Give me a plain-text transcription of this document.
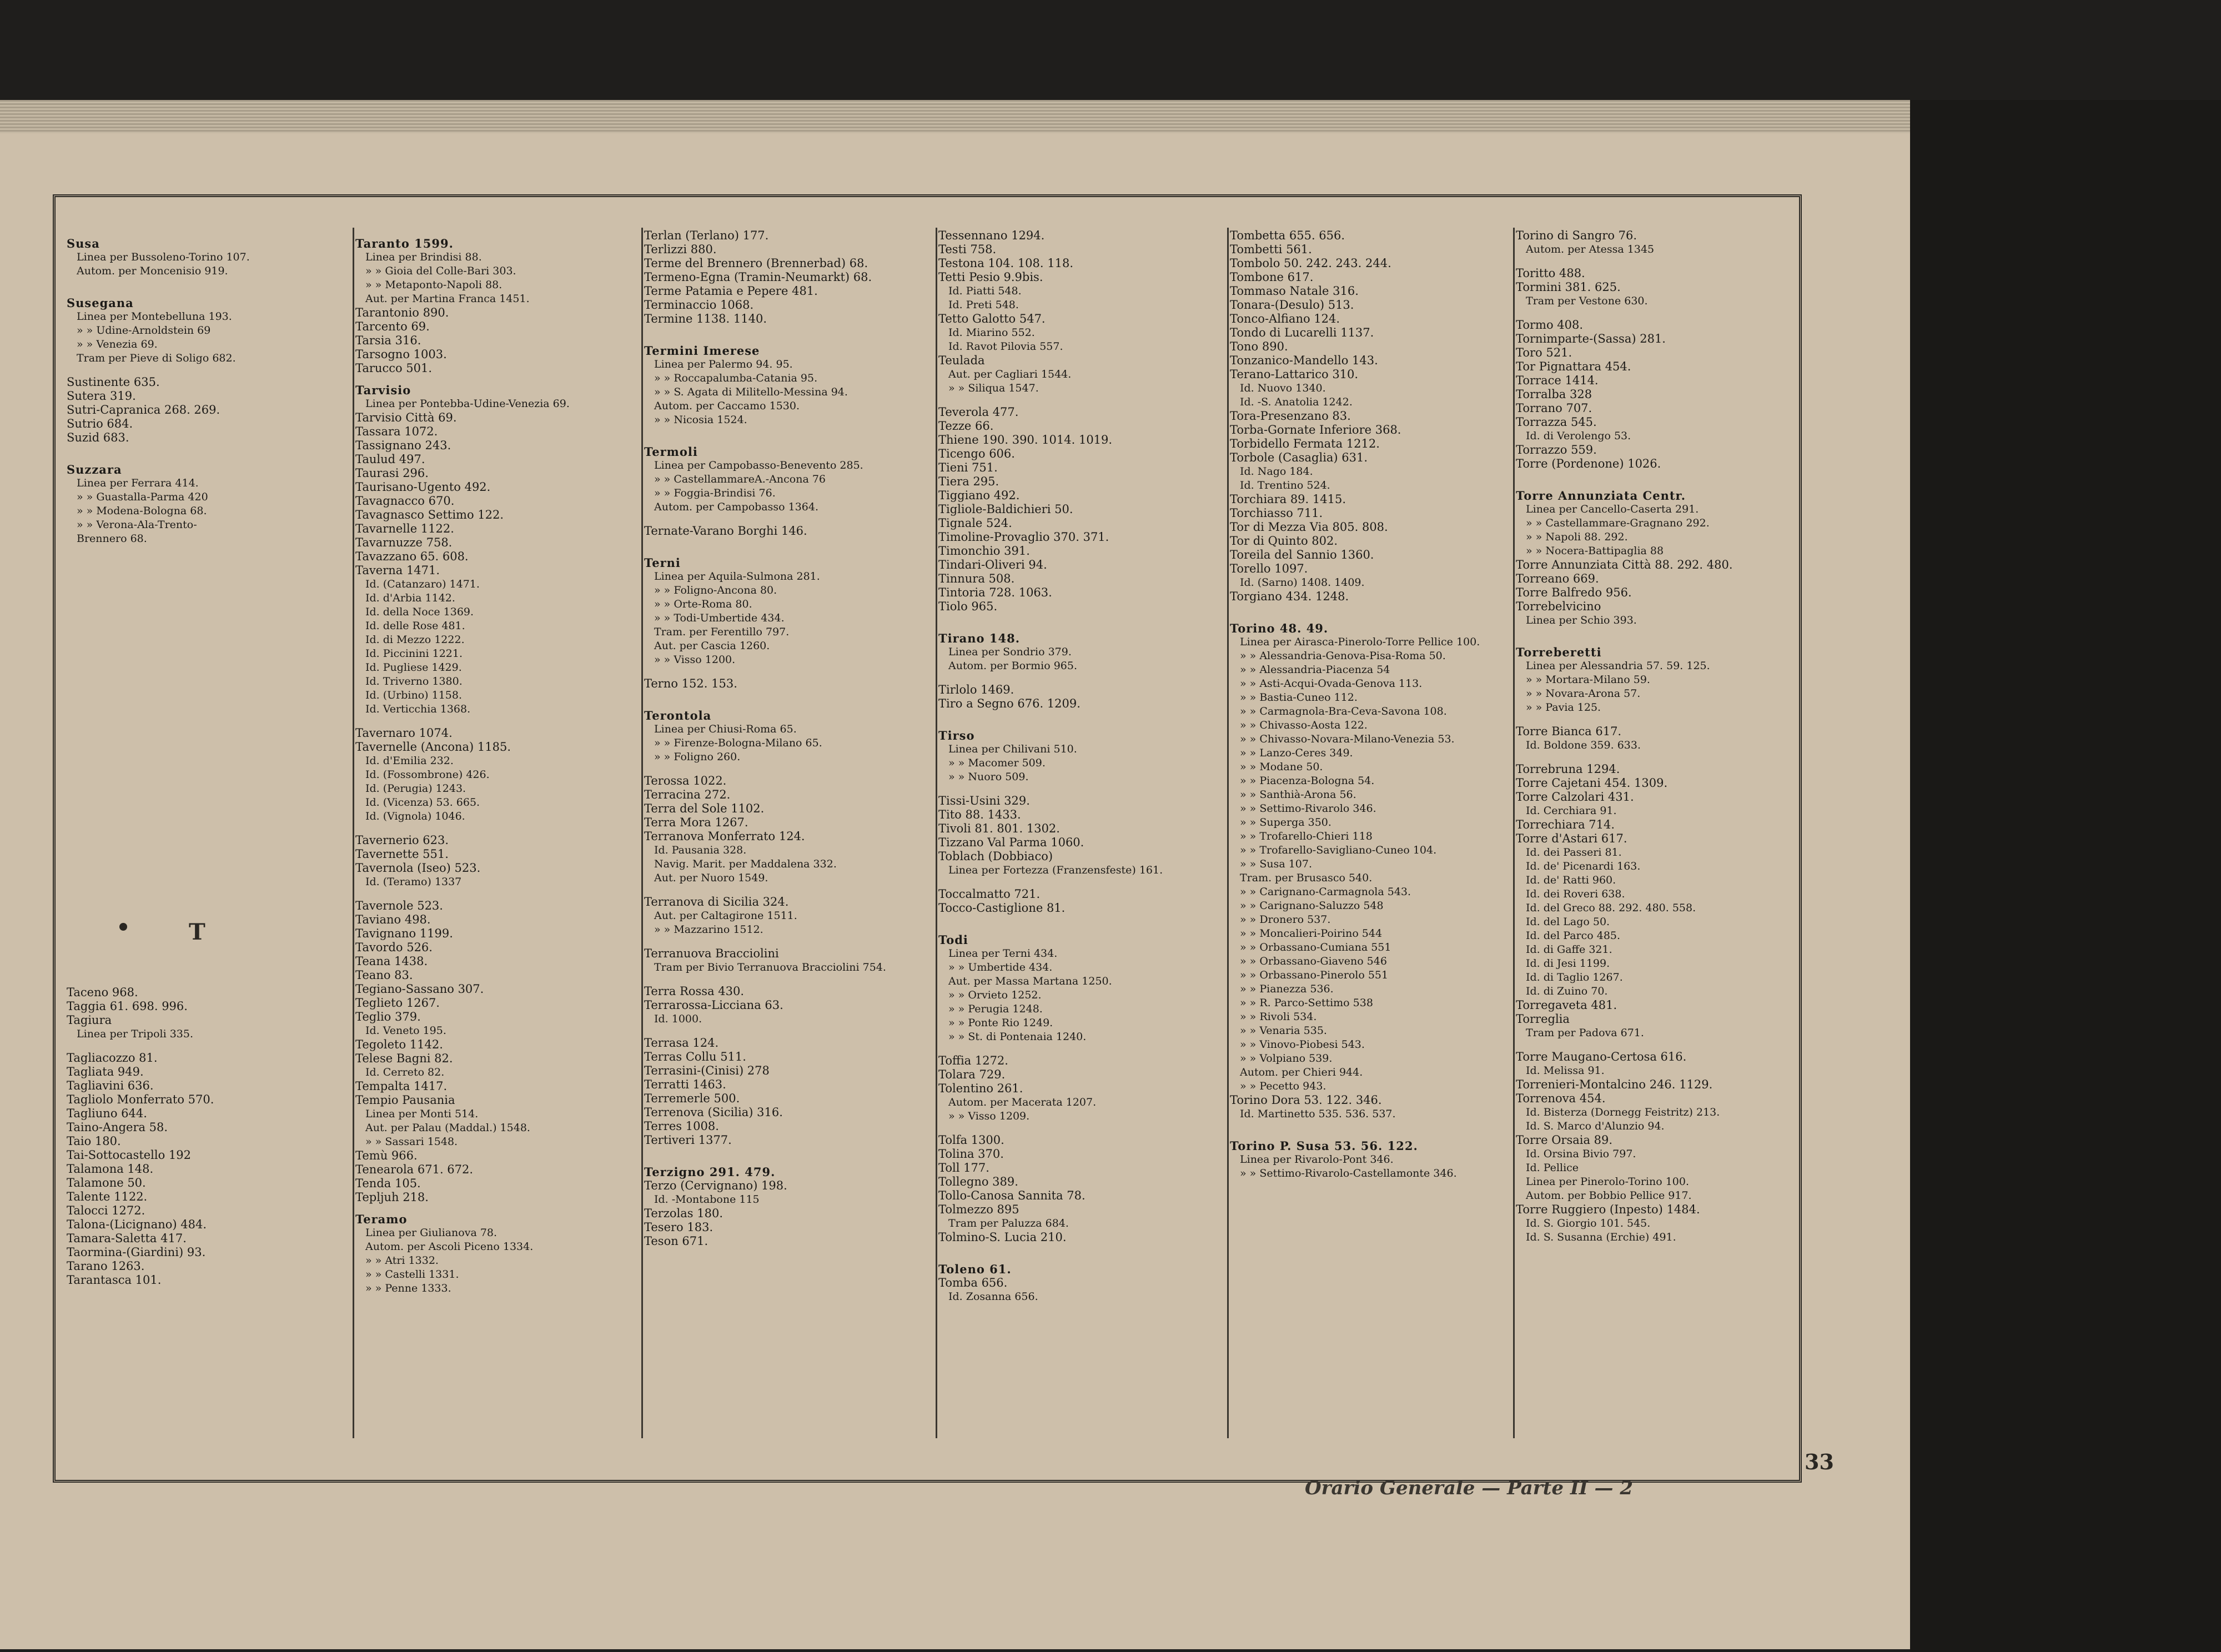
Susa
Linea per Bussoleno-Torino 107.
Autom. per Moncenisio 919.
Susegana
Linea per Montebelluna 193.
» » Udine-Arnoldstein 69
» » Venezia 69.
Tram per Pieve di Soligo 682.
Sustinente 635.
Sutera 319.
Sutri-Capranica 268. 269.
Sutrio 684.
Suzid 683.
Suzzara
Linea per Ferrara 414.
» » Guastalla-Parma 420
» » Modena-Bologna 68.
» » Verona-Ala-Trento-
Brennero 68.
Taceno 968.
Taggia 61. 698. 996.
Tagiura
Linea per Tripoli 335.
Tagliacozzo 81.
Tagliata 949.
Tagliavini 636.
Tagliolo Monferrato 570.
Tagliuno 644.
Taino-Angera 58.
Taio 180.
Tai-Sottocastello 192
Talamona 148.
Talamone 50.
Talente 1122.
Talocci 1272.
Talona-(Licignano) 484.
Tamara-Saletta 417.
Taormina-(Giardini) 93.
Tarano 1263.
Tarantasca 101.
Taranto 1599.
Linea per Brindisi 88.
» » Gioia del Colle-Bari 303.
» » Metaponto-Napoli 88.
Aut. per Martina Franca 1451.
Tarantonio 890.
Tarcento 69.
Tarsia 316.
Tarsogno 1003.
Tarucco 501.
Tarvisio
Linea per Pontebba-Udine-Venezia 69.
Tarvisio Città 69.
Tassara 1072.
Tassignano 243.
Taulud 497.
Taurasi 296.
Taurisano-Ugento 492.
Tavagnacco 670.
Tavagnasco Settimo 122.
Tavarnelle 1122.
Tavarnuzze 758.
Tavazzano 65. 608.
Taverna 1471.
Id. (Catanzaro) 1471.
Id. d'Arbia 1142.
Id. della Noce 1369.
Id. delle Rose 481.
Id. di Mezzo 1222.
Id. Piccinini 1221.
Id. Pugliese 1429.
Id. Triverno 1380.
Id. (Urbino) 1158.
Id. Verticchia 1368.
Tavernaro 1074.
Tavernelle (Ancona) 1185.
Id. d'Emilia 232.
Id. (Fossombrone) 426.
Id. (Perugia) 1243.
Id. (Vicenza) 53. 665.
Id. (Vignola) 1046.
Tavernerio 623.
Tavernette 551.
Tavernola (Iseo) 523.
Id. (Teramo) 1337
Tavernole 523.
Taviano 498.
Tavignano 1199.
Tavordo 526.
Teana 1438.
Teano 83.
Tegiano-Sassano 307.
Teglieto 1267.
Teglio 379.
Id. Veneto 195.
Tegoleto 1142.
Telese Bagni 82.
Id. Cerreto 82.
Tempalta 1417.
Tempio Pausania
Linea per Monti 514.
Aut. per Palau (Maddal.) 1548.
» » Sassari 1548.
Temù 966.
Tenearola 671. 672.
Tenda 105.
Tepljuh 218.
Teramo
Linea per Giulianova 78.
Autom. per Ascoli Piceno 1334.
» » Atri 1332.
» » Castelli 1331.
» » Penne 1333.
Terlan (Terlano) 177.
Terlizzi 880.
Terme del Brennero (Brennerbad) 68.
Termeno-Egna (Tramin-Neumarkt) 68.
Terme Patamia e Pepere 481.
Terminaccio 1068.
Termine 1138. 1140.
Termini Imerese
Linea per Palermo 94. 95.
» » Roccapalumba-Catania 95.
» » S. Agata di Militello-Messina 94.
Autom. per Caccamo 1530.
» » Nicosia 1524.
Termoli
Linea per Campobasso-Benevento 285.
» » CastellammareA.-Ancona 76
» » Foggia-Brindisi 76.
Autom. per Campobasso 1364.
Ternate-Varano Borghi 146.
Terni
Linea per Aquila-Sulmona 281.
» » Foligno-Ancona 80.
» » Orte-Roma 80.
» » Todi-Umbertide 434.
Tram. per Ferentillo 797.
Aut. per Cascia 1260.
» » Visso 1200.
Terno 152. 153.
Terontola
Linea per Chiusi-Roma 65.
» » Firenze-Bologna-Milano 65.
» » Foligno 260.
Terossa 1022.
Terracina 272.
Terra del Sole 1102.
Terra Mora 1267.
Terranova Monferrato 124.
Id. Pausania 328.
Navig. Marit. per Maddalena 332.
Aut. per Nuoro 1549.
Terranova di Sicilia 324.
Aut. per Caltagirone 1511.
» » Mazzarino 1512.
Terranuova Bracciolini
Tram per Bivio Terranuova Bracciolini 754.
Terra Rossa 430.
Terrarossa-Licciana 63.
Id. 1000.
Terrasa 124.
Terras Collu 511.
Terrasini-(Cinisi) 278
Terratti 1463.
Terremerle 500.
Terrenova (Sicilia) 316.
Terres 1008.
Tertiveri 1377.
Terzigno 291. 479.
Terzo (Cervignano) 198.
Id. -Montabone 115
Terzolas 180.
Tesero 183.
Teson 671.
Tessennano 1294.
Testi 758.
Testona 104. 108. 118.
Tetti Pesio 9.9bis.
Id. Piatti 548.
Id. Preti 548.
Tetto Galotto 547.
Id. Miarino 552.
Id. Ravot Pilovia 557.
Teulada
Aut. per Cagliari 1544.
» » Siliqua 1547.
Teverola 477.
Tezze 66.
Thiene 190. 390. 1014. 1019.
Ticengo 606.
Tieni 751.
Tiera 295.
Tiggiano 492.
Tigliole-Baldichieri 50.
Tignale 524.
Timoline-Provaglio 370. 371.
Timonchio 391.
Tindari-Oliveri 94.
Tinnura 508.
Tintoria 728. 1063.
Tiolo 965.
Tirano 148.
Linea per Sondrio 379.
Autom. per Bormio 965.
Tirlolo 1469.
Tiro a Segno 676. 1209.
Tirso
Linea per Chilivani 510.
» » Macomer 509.
» » Nuoro 509.
Tissi-Usini 329.
Tito 88. 1433.
Tivoli 81. 801. 1302.
Tizzano Val Parma 1060.
Toblach (Dobbiaco)
Linea per Fortezza (Franzensfeste) 161.
Toccalmatto 721.
Tocco-Castiglione 81.
Todi
Linea per Terni 434.
» » Umbertide 434.
Aut. per Massa Martana 1250.
» » Orvieto 1252.
» » Perugia 1248.
» » Ponte Rio 1249.
» » St. di Pontenaia 1240.
Toffia 1272.
Tolara 729.
Tolentino 261.
Autom. per Macerata 1207.
» » Visso 1209.
Tolfa 1300.
Tolina 370.
Toll 177.
Tollegno 389.
Tollo-Canosa Sannita 78.
Tolmezzo 895
Tram per Paluzza 684.
Tolmino-S. Lucia 210.
Toleno 61.
Tomba 656.
Id. Zosanna 656.
Tombetta 655. 656.
Tombetti 561.
Tombolo 50. 242. 243. 244.
Tombone 617.
Tommaso Natale 316.
Tonara-(Desulo) 513.
Tonco-Alfiano 124.
Tondo di Lucarelli 1137.
Tono 890.
Tonzanico-Mandello 143.
Terano-Lattarico 310.
Id. Nuovo 1340.
Id. -S. Anatolia 1242.
Tora-Presenzano 83.
Torba-Gornate Inferiore 368.
Torbidello Fermata 1212.
Torbole (Casaglia) 631.
Id. Nago 184.
Id. Trentino 524.
Torchiara 89. 1415.
Torchiasso 711.
Tor di Mezza Via 805. 808.
Tor di Quinto 802.
Toreila del Sannio 1360.
Torello 1097.
Id. (Sarno) 1408. 1409.
Torgiano 434. 1248.
Torino 48. 49.
Linea per Airasca-Pinerolo-Torre Pellice 100.
» » Alessandria-Genova-Pisa-Roma 50.
» » Alessandria-Piacenza 54
» » Asti-Acqui-Ovada-Genova 113.
» » Bastia-Cuneo 112.
» » Carmagnola-Bra-Ceva-Savona 108.
» » Chivasso-Aosta 122.
» » Chivasso-Novara-Milano-Venezia 53.
» » Lanzo-Ceres 349.
» » Modane 50.
» » Piacenza-Bologna 54.
» » Santhià-Arona 56.
» » Settimo-Rivarolo 346.
» » Superga 350.
» » Trofarello-Chieri 118
» » Trofarello-Savigliano-Cuneo 104.
» » Susa 107.
Tram. per Brusasco 540.
» » Carignano-Carmagnola 543.
» » Carignano-Saluzzo 548
» » Dronero 537.
» » Moncalieri-Poirino 544
» » Orbassano-Cumiana 551
» » Orbassano-Giaveno 546
» » Orbassano-Pinerolo 551
» » Pianezza 536.
» » R. Parco-Settimo 538
» » Rivoli 534.
» » Venaria 535.
» » Vinovo-Piobesi 543.
» » Volpiano 539.
Autom. per Chieri 944.
» » Pecetto 943.
Torino Dora 53. 122. 346.
Id. Martinetto 535. 536. 537.
Torino P. Susa 53. 56. 122.
Linea per Rivarolo-Pont 346.
» » Settimo-Rivarolo-Castellamonte 346.
Torino di Sangro 76.
Autom. per Atessa 1345
Toritto 488.
Tormini 381. 625.
Tram per Vestone 630.
Tormo 408.
Tornimparte-(Sassa) 281.
Toro 521.
Tor Pignattara 454.
Torrace 1414.
Torralba 328
Torrano 707.
Torrazza 545.
Id. di Verolengo 53.
Torrazzo 559.
Torre (Pordenone) 1026.
Torre Annunziata Centr.
Linea per Cancello-Caserta 291.
» » Castellammare-Gragnano 292.
» » Napoli 88. 292.
» » Nocera-Battipaglia 88
Torre Annunziata Città 88. 292. 480.
Torreano 669.
Torre Balfredo 956.
Torrebelvicino
Linea per Schio 393.
Torreberetti
Linea per Alessandria 57. 59. 125.
» » Mortara-Milano 59.
» » Novara-Arona 57.
» » Pavia 125.
Torre Bianca 617.
Id. Boldone 359. 633.
Torrebruna 1294.
Torre Cajetani 454. 1309.
Torre Calzolari 431.
Id. Cerchiara 91.
Torrechiara 714.
Torre d'Astari 617.
Id. dei Passeri 81.
Id. de' Picenardi 163.
Id. de' Ratti 960.
Id. dei Roveri 638.
Id. del Greco 88. 292. 480. 558.
Id. del Lago 50.
Id. del Parco 485.
Id. di Gaffe 321.
Id. di Jesi 1199.
Id. di Taglio 1267.
Id. di Zuino 70.
Torregaveta 481.
Torreglia
Tram per Padova 671.
Torre Maugano-Certosa 616.
Id. Melissa 91.
Torrenieri-Montalcino 246. 1129.
Torrenova 454.
Id. Bisterza (Dornegg Feistritz) 213.
Id. S. Marco d'Alunzio 94.
Torre Orsaia 89.
Id. Orsina Bivio 797.
Id. Pellice
Linea per Pinerolo-Torino 100.
Autom. per Bobbio Pellice 917.
Torre Ruggiero (Inpesto) 1484.
Id. S. Giorgio 101. 545.
Id. S. Susanna (Erchie) 491.
T
Orario Generale — Parte II — 2
33
